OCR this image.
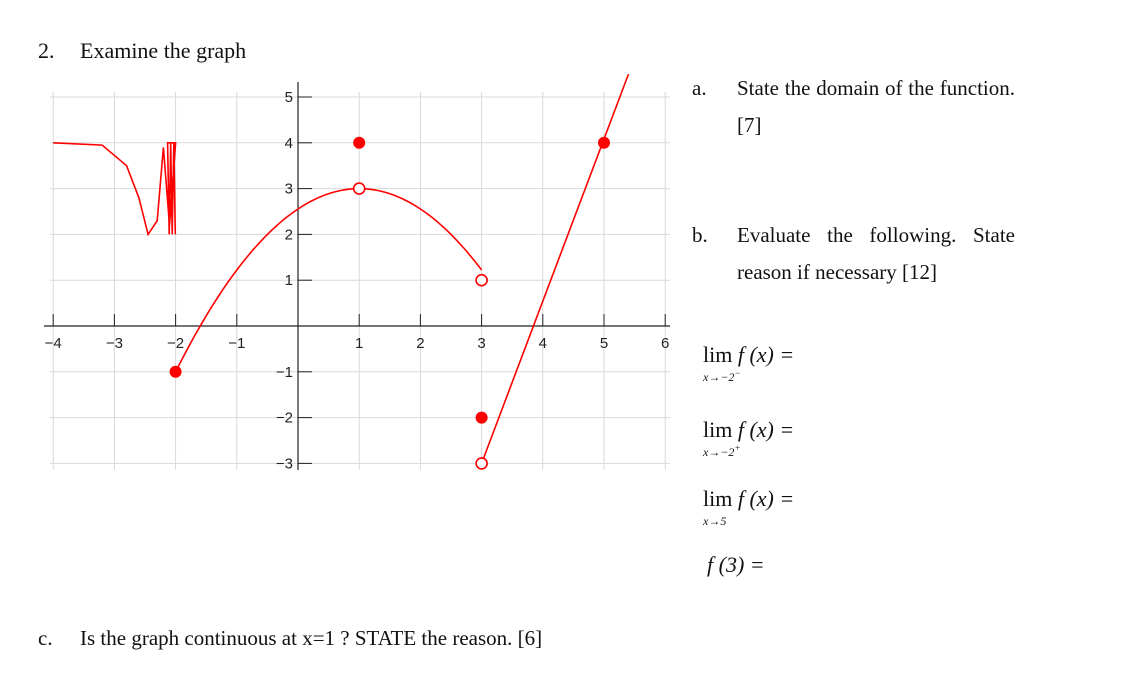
2. Examine the graph
−4	−3	−2	−1	1	2	3	4	5	6
−3
−2
−1
1
2
3
4
5	a. State the domain of the function. [7]
b. Evaluate the following. State reason if necessary [12]
lim f (x) =
x→−2−
lim f (x) =
x→−2+
lim f (x) =
x→5
f (3) =
c. Is the graph continuous at x=1 ? STATE the reason. [6]
